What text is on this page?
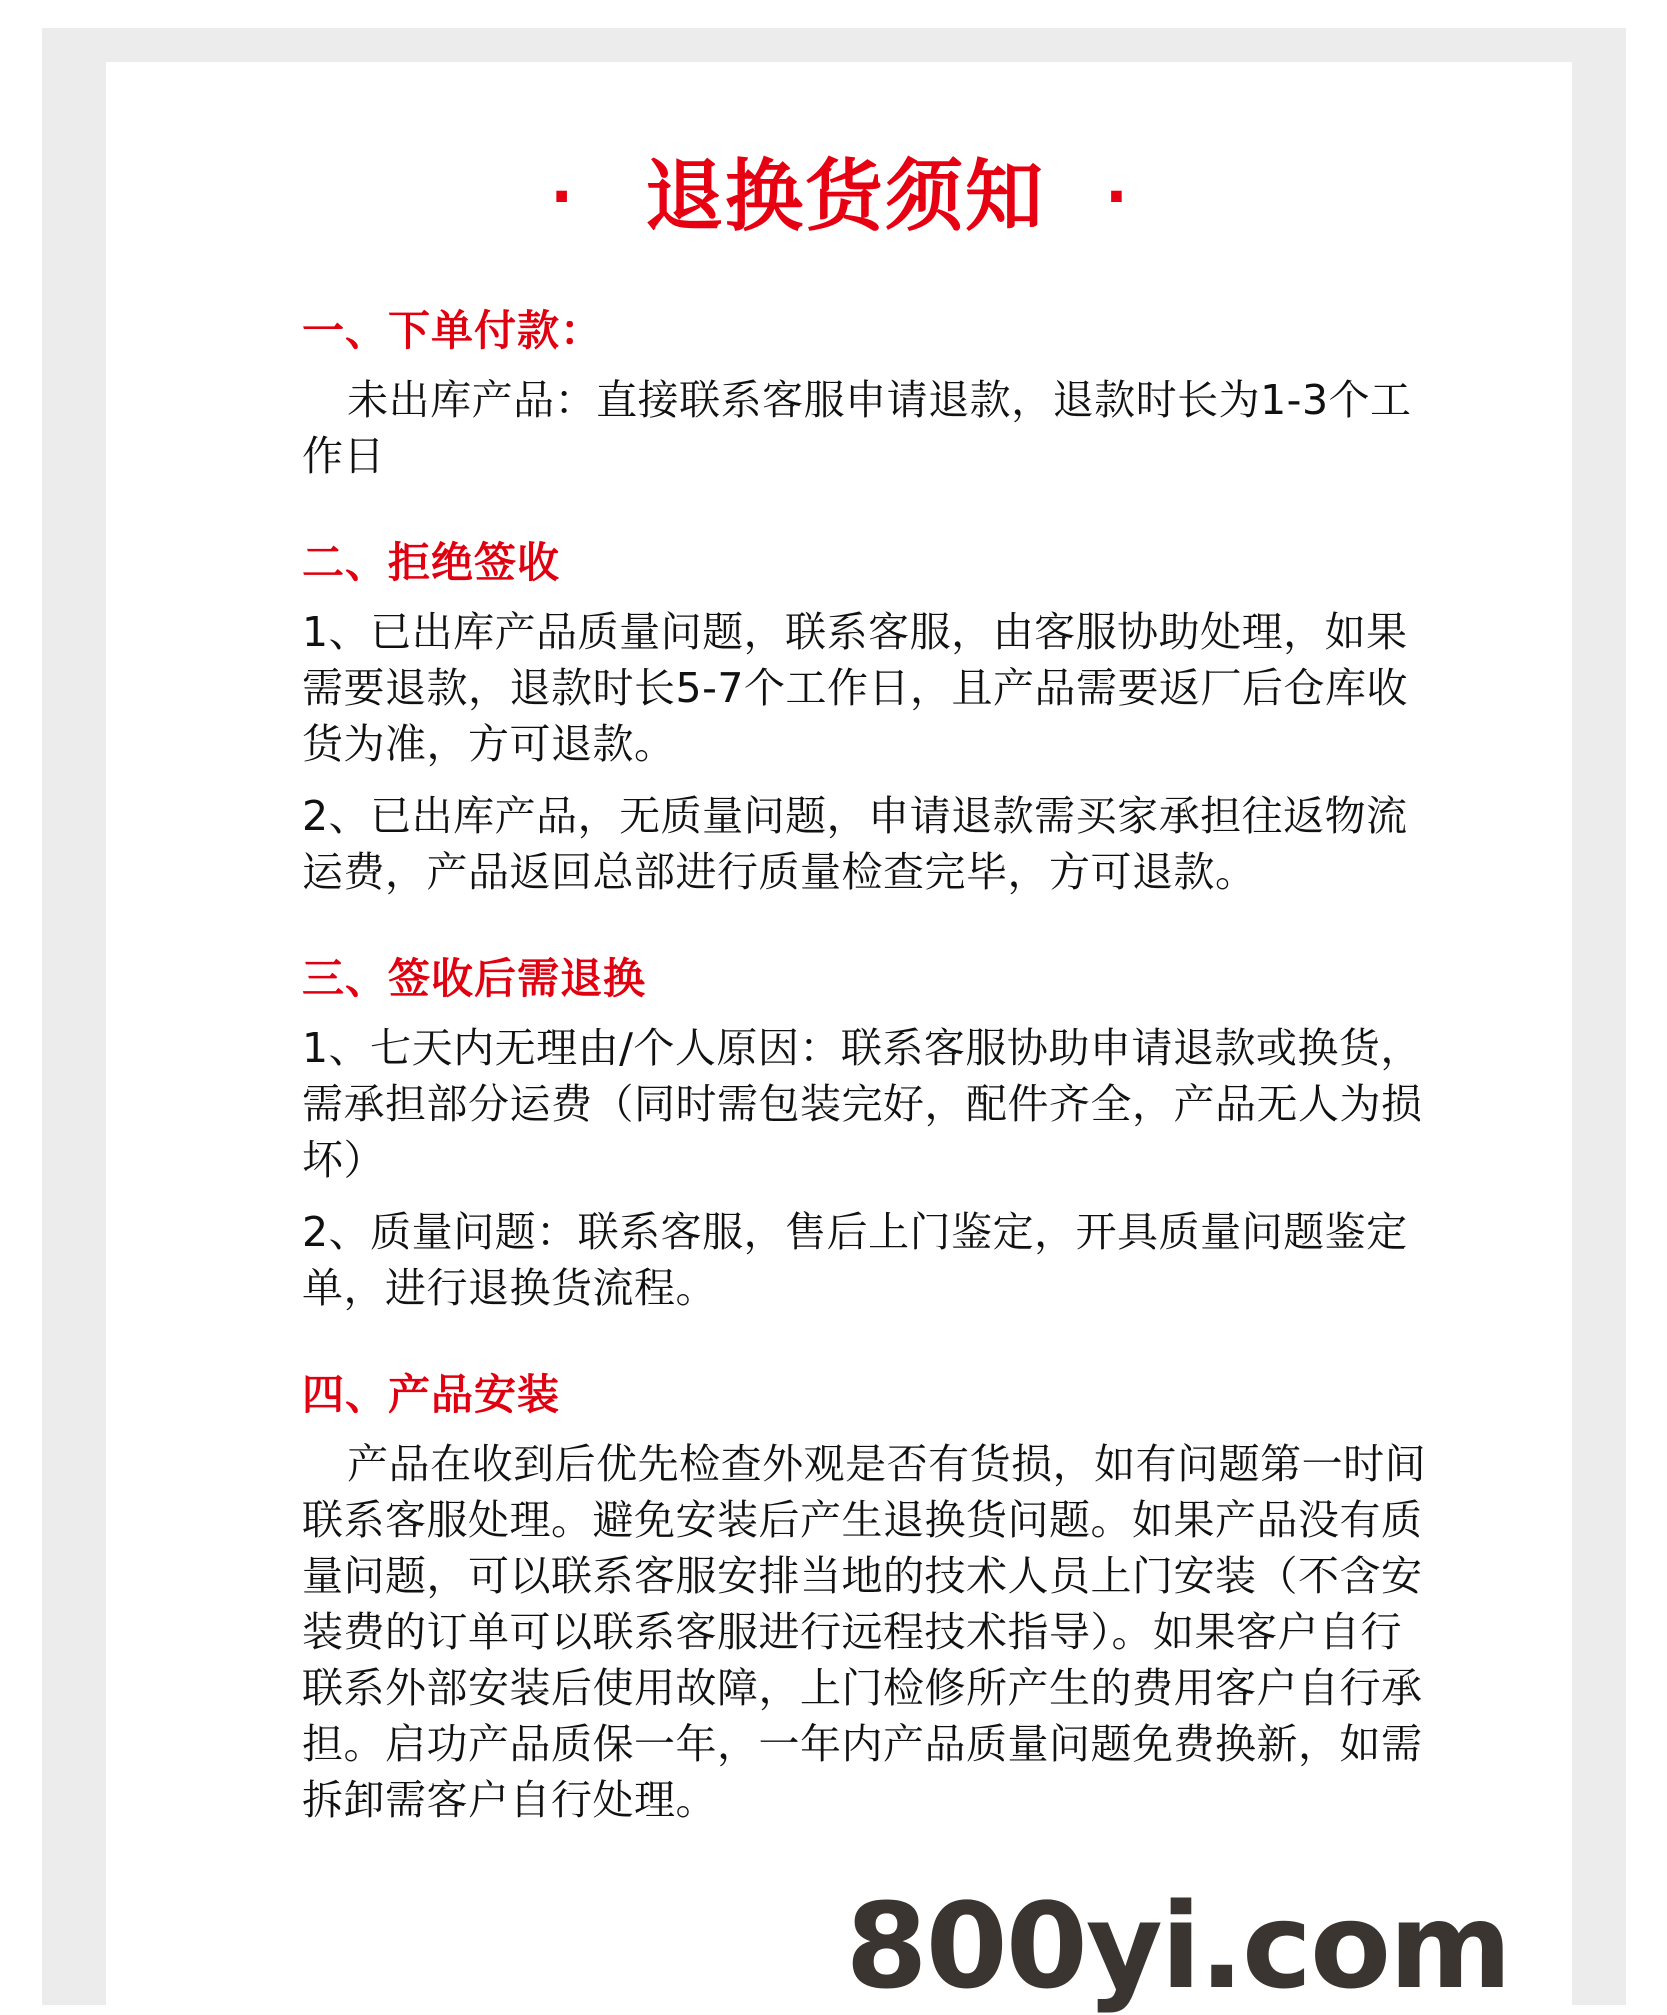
· 退换货须知 ·
一、下单付款：
未出库产品：直接联系客服申请退款，退款时长为1-3个工作日
二、拒绝签收
1、已出库产品质量问题，联系客服，由客服协助处理，如果需要退款，退款时长5-7个工作日，且产品需要返厂后仓库收货为准，方可退款。
2、已出库产品，无质量问题，申请退款需买家承担往返物流运费，产品返回总部进行质量检查完毕，方可退款。
三、签收后需退换
1、七天内无理由/个人原因：联系客服协助申请退款或换货，需承担部分运费（同时需包装完好，配件齐全，产品无人为损坏）
2、质量问题：联系客服，售后上门鉴定，开具质量问题鉴定单，进行退换货流程。
四、产品安装
产品在收到后优先检查外观是否有货损，如有问题第一时间联系客服处理。避免安装后产生退换货问题。如果产品没有质量问题，可以联系客服安排当地的技术人员上门安装（不含安装费的订单可以联系客服进行远程技术指导）。如果客户自行联系外部安装后使用故障，上门检修所产生的费用客户自行承担。启功产品质保一年，一年内产品质量问题免费换新，如需拆卸需客户自行处理。
800yi.com
